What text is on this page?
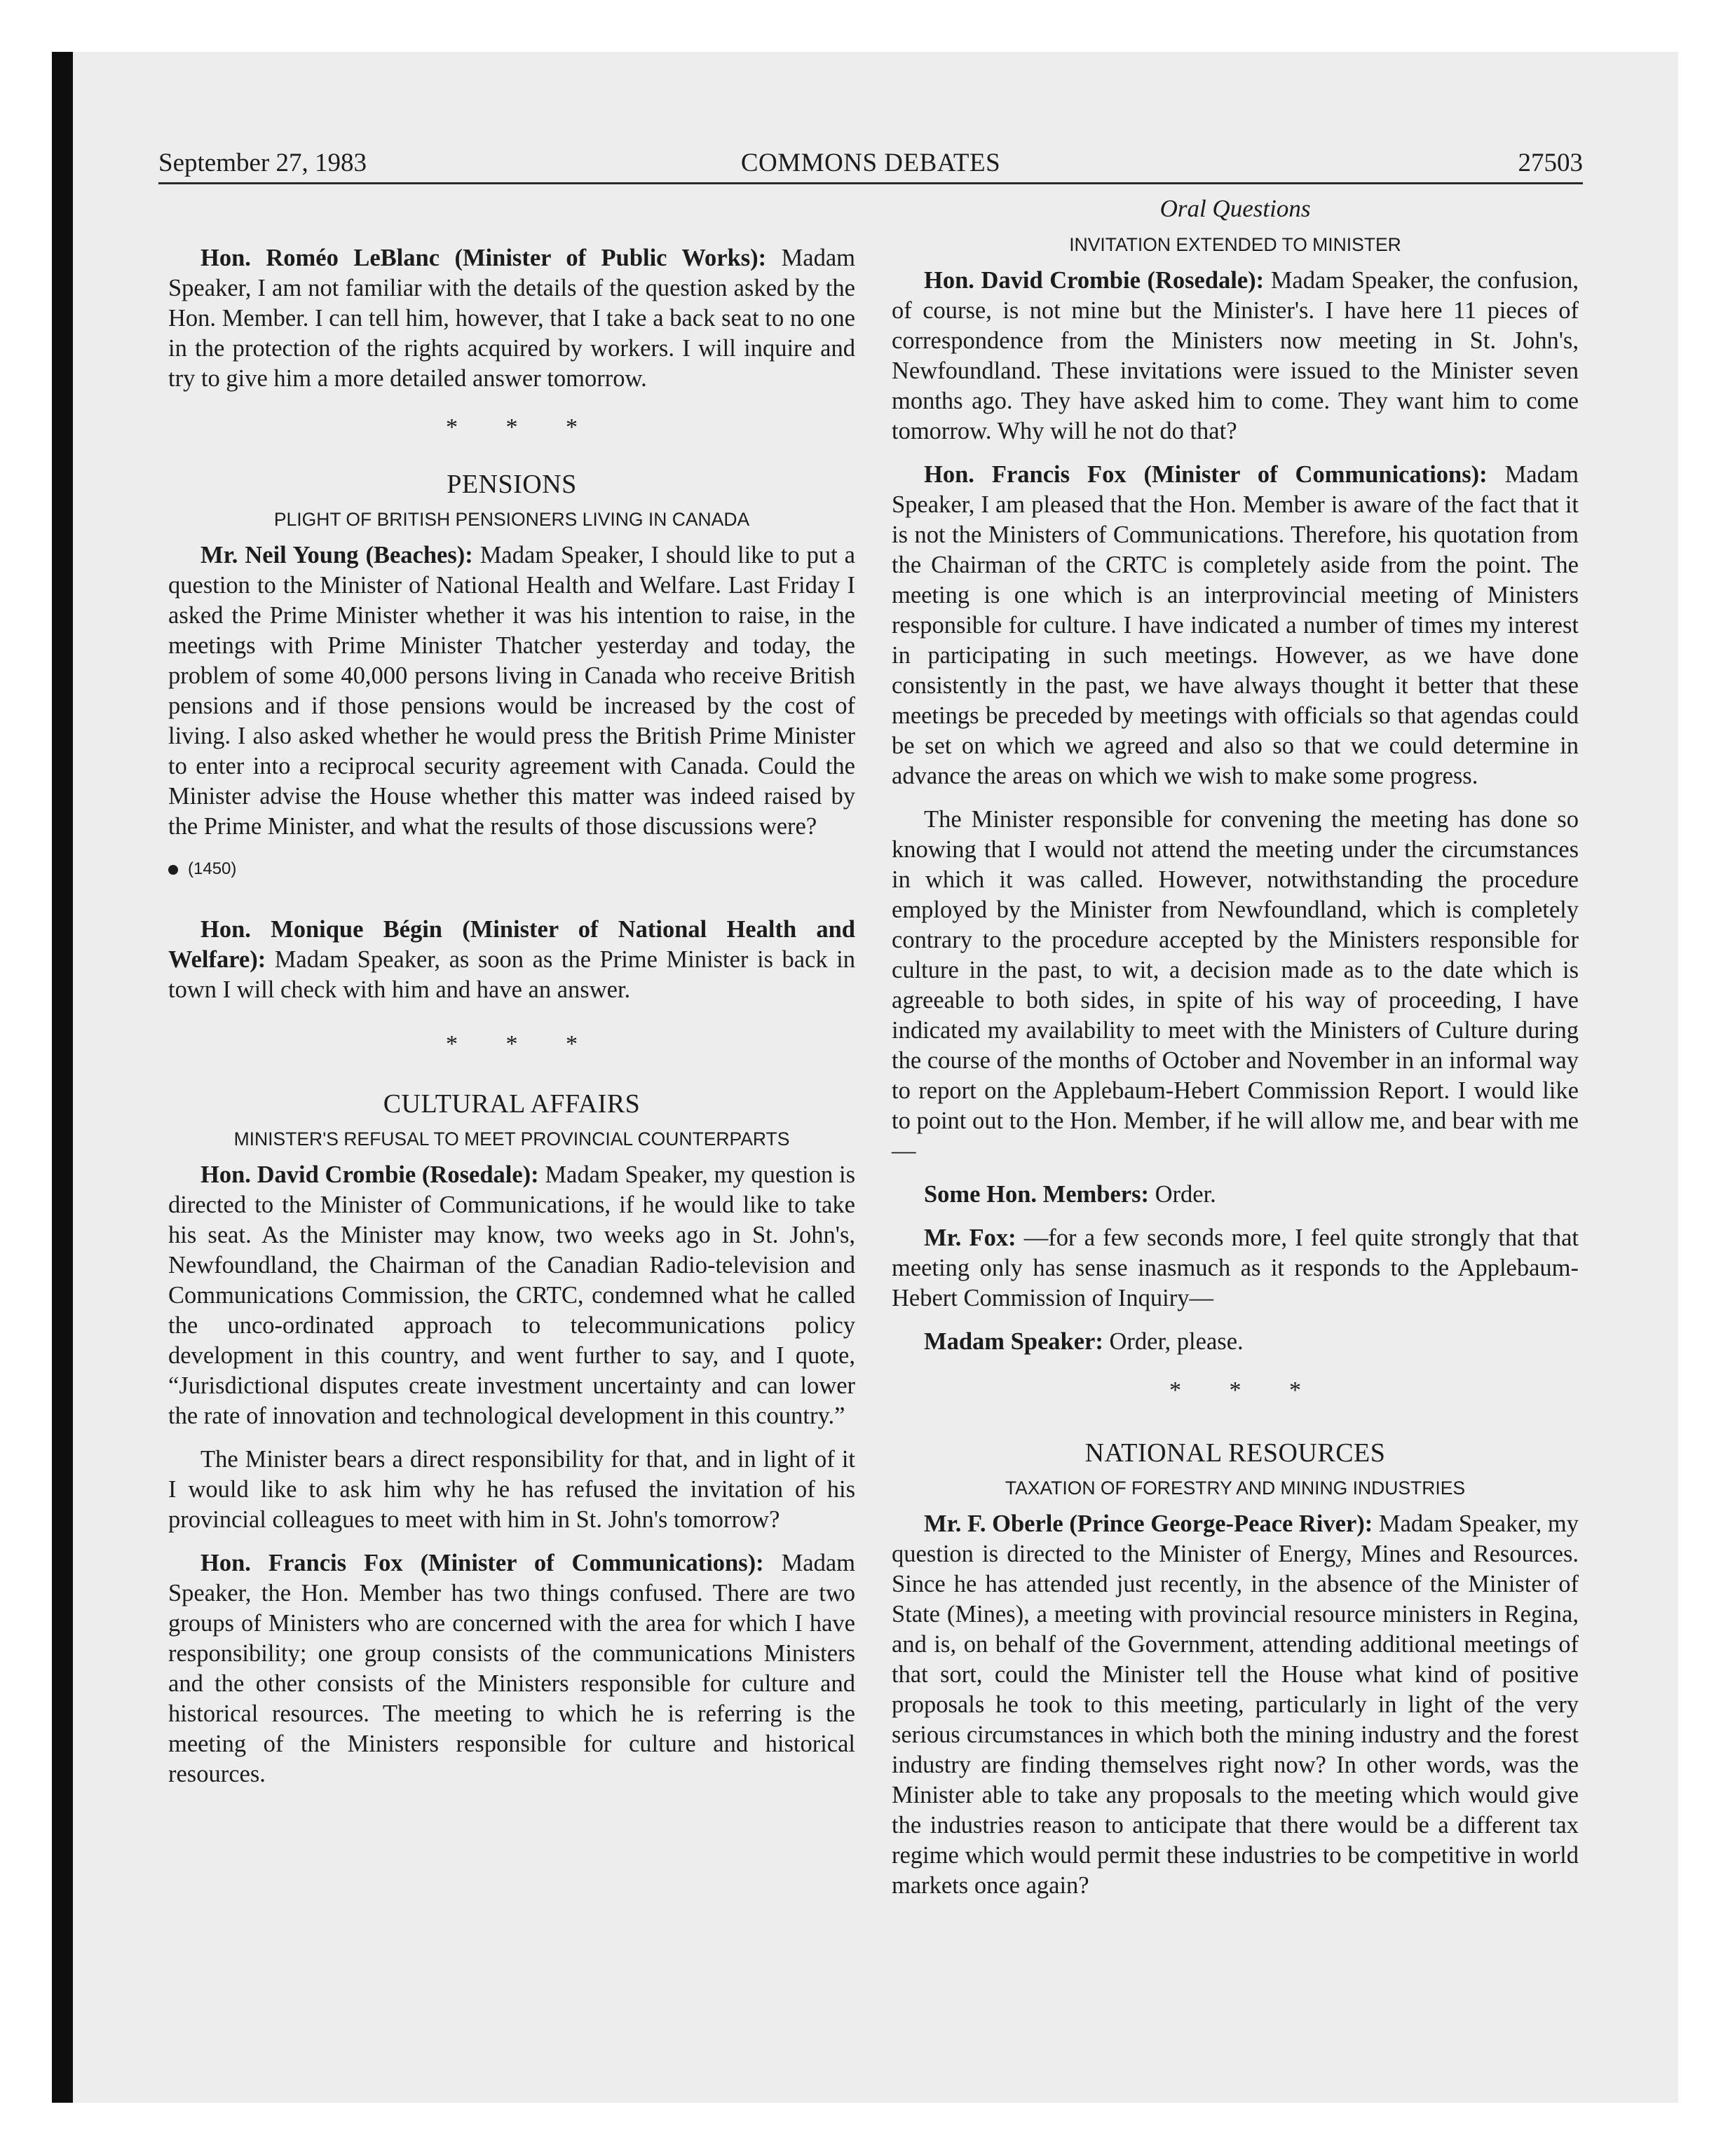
September 27, 1983	COMMONS DEBATES	27503

Hon. Roméo LeBlanc (Minister of Public Works): Madam Speaker, I am not familiar with the details of the question asked by the Hon. Member. I can tell him, however, that I take a back seat to no one in the protection of the rights acquired by workers. I will inquire and try to give him a more detailed answer tomorrow.

* * *
PENSIONS
PLIGHT OF BRITISH PENSIONERS LIVING IN CANADA

Mr. Neil Young (Beaches): Madam Speaker, I should like to put a question to the Minister of National Health and Welfare. Last Friday I asked the Prime Minister whether it was his intention to raise, in the meetings with Prime Minister Thatcher yesterday and today, the problem of some 40,000 persons living in Canada who receive British pensions and if those pensions would be increased by the cost of living. I also asked whether he would press the British Prime Minister to enter into a reciprocal security agreement with Canada. Could the Minister advise the House whether this matter was indeed raised by the Prime Minister, and what the results of those discussions were?

(1450)

Hon. Monique Bégin (Minister of National Health and Welfare): Madam Speaker, as soon as the Prime Minister is back in town I will check with him and have an answer.

* * *
CULTURAL AFFAIRS
MINISTER'S REFUSAL TO MEET PROVINCIAL COUNTERPARTS

Hon. David Crombie (Rosedale): Madam Speaker, my question is directed to the Minister of Communications, if he would like to take his seat. As the Minister may know, two weeks ago in St. John's, Newfoundland, the Chairman of the Canadian Radio-television and Communications Commission, the CRTC, condemned what he called the unco-ordinated approach to telecommunications policy development in this country, and went further to say, and I quote, “Jurisdictional disputes create investment uncertainty and can lower the rate of innovation and technological development in this country.”

The Minister bears a direct responsibility for that, and in light of it I would like to ask him why he has refused the invitation of his provincial colleagues to meet with him in St. John's tomorrow?

Hon. Francis Fox (Minister of Communications): Madam Speaker, the Hon. Member has two things confused. There are two groups of Ministers who are concerned with the area for which I have responsibility; one group consists of the communications Ministers and the other consists of the Ministers responsible for culture and historical resources. The meeting to which he is referring is the meeting of the Ministers responsible for culture and historical resources.

Oral Questions
INVITATION EXTENDED TO MINISTER

Hon. David Crombie (Rosedale): Madam Speaker, the confusion, of course, is not mine but the Minister's. I have here 11 pieces of correspondence from the Ministers now meeting in St. John's, Newfoundland. These invitations were issued to the Minister seven months ago. They have asked him to come. They want him to come tomorrow. Why will he not do that?

Hon. Francis Fox (Minister of Communications): Madam Speaker, I am pleased that the Hon. Member is aware of the fact that it is not the Ministers of Communications. Therefore, his quotation from the Chairman of the CRTC is completely aside from the point. The meeting is one which is an interprovincial meeting of Ministers responsible for culture. I have indicated a number of times my interest in participating in such meetings. However, as we have done consistently in the past, we have always thought it better that these meetings be preceded by meetings with officials so that agendas could be set on which we agreed and also so that we could determine in advance the areas on which we wish to make some progress.

The Minister responsible for convening the meeting has done so knowing that I would not attend the meeting under the circumstances in which it was called. However, notwithstanding the procedure employed by the Minister from Newfoundland, which is completely contrary to the procedure accepted by the Ministers responsible for culture in the past, to wit, a decision made as to the date which is agreeable to both sides, in spite of his way of proceeding, I have indicated my availability to meet with the Ministers of Culture during the course of the months of October and November in an informal way to report on the Applebaum-Hebert Commission Report. I would like to point out to the Hon. Member, if he will allow me, and bear with me—

Some Hon. Members: Order.

Mr. Fox: —for a few seconds more, I feel quite strongly that that meeting only has sense inasmuch as it responds to the Applebaum-Hebert Commission of Inquiry—

Madam Speaker: Order, please.

* * *
NATIONAL RESOURCES
TAXATION OF FORESTRY AND MINING INDUSTRIES

Mr. F. Oberle (Prince George-Peace River): Madam Speaker, my question is directed to the Minister of Energy, Mines and Resources. Since he has attended just recently, in the absence of the Minister of State (Mines), a meeting with provincial resource ministers in Regina, and is, on behalf of the Government, attending additional meetings of that sort, could the Minister tell the House what kind of positive proposals he took to this meeting, particularly in light of the very serious circumstances in which both the mining industry and the forest industry are finding themselves right now? In other words, was the Minister able to take any proposals to the meeting which would give the industries reason to anticipate that there would be a different tax regime which would permit these industries to be competitive in world markets once again?
